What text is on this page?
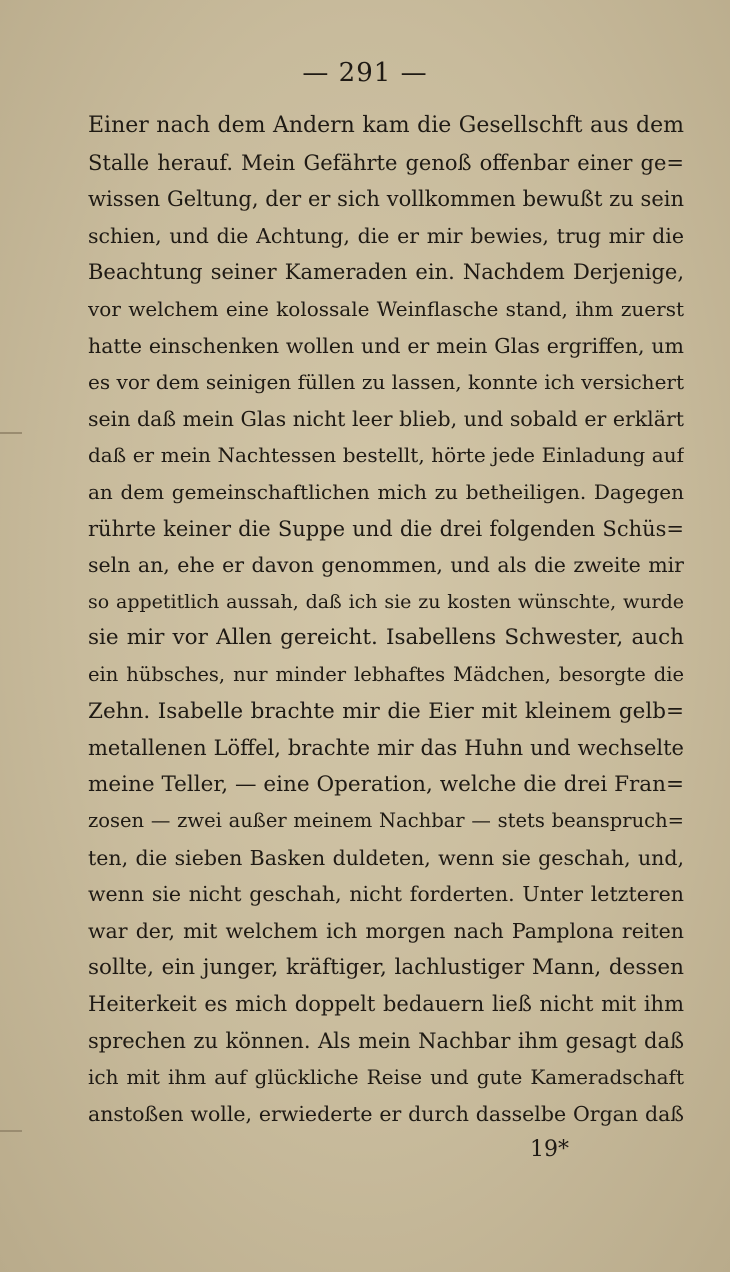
— 291 —
Einer nach dem Andern kam die Gesellschft aus dem
Stalle herauf. Mein Gefährte genoß offenbar einer ge=
wissen Geltung, der er sich vollkommen bewußt zu sein
schien, und die Achtung, die er mir bewies, trug mir die
Beachtung seiner Kameraden ein. Nachdem Derjenige,
vor welchem eine kolossale Weinflasche stand, ihm zuerst
hatte einschenken wollen und er mein Glas ergriffen, um
es vor dem seinigen füllen zu lassen, konnte ich versichert
sein daß mein Glas nicht leer blieb, und sobald er erklärt
daß er mein Nachtessen bestellt, hörte jede Einladung auf
an dem gemeinschaftlichen mich zu betheiligen. Dagegen
rührte keiner die Suppe und die drei folgenden Schüs=
seln an, ehe er davon genommen, und als die zweite mir
so appetitlich aussah, daß ich sie zu kosten wünschte, wurde
sie mir vor Allen gereicht. Isabellens Schwester, auch
ein hübsches, nur minder lebhaftes Mädchen, besorgte die
Zehn. Isabelle brachte mir die Eier mit kleinem gelb=
metallenen Löffel, brachte mir das Huhn und wechselte
meine Teller, — eine Operation, welche die drei Fran=
zosen — zwei außer meinem Nachbar — stets beanspruch=
ten, die sieben Basken duldeten, wenn sie geschah, und,
wenn sie nicht geschah, nicht forderten. Unter letzteren
war der, mit welchem ich morgen nach Pamplona reiten
sollte, ein junger, kräftiger, lachlustiger Mann, dessen
Heiterkeit es mich doppelt bedauern ließ nicht mit ihm
sprechen zu können. Als mein Nachbar ihm gesagt daß
ich mit ihm auf glückliche Reise und gute Kameradschaft
anstoßen wolle, erwiederte er durch dasselbe Organ daß
19*
